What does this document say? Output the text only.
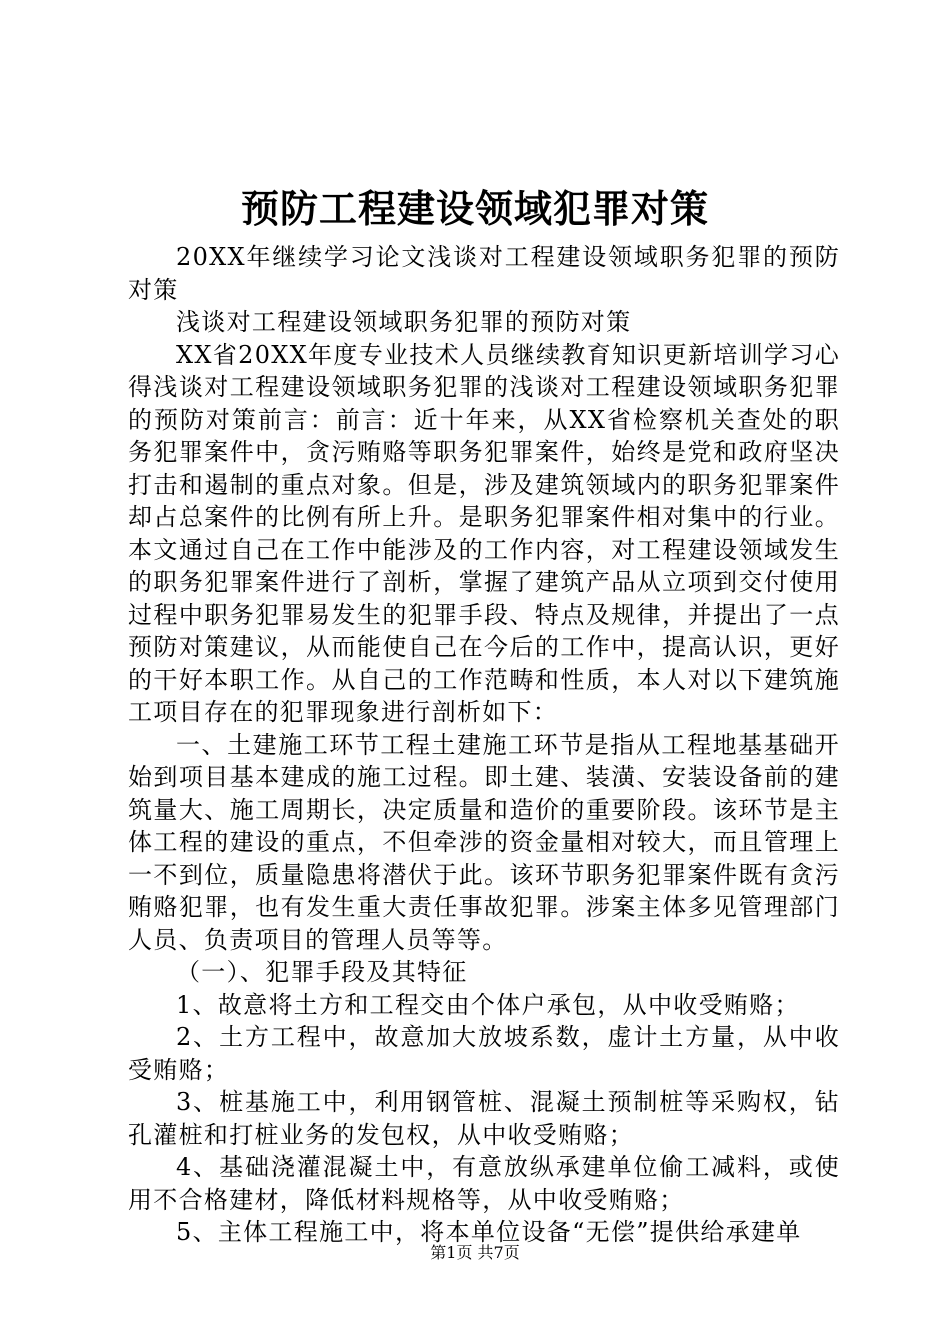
预防工程建设领域犯罪对策

20XX年继续学习论文浅谈对工程建设领域职务犯罪的预防对策

浅谈对工程建设领域职务犯罪的预防对策

XX省20XX年度专业技术人员继续教育知识更新培训学习心得浅谈对工程建设领域职务犯罪的浅谈对工程建设领域职务犯罪的预防对策前言：前言：近十年来，从XX省检察机关查处的职务犯罪案件中，贪污贿赂等职务犯罪案件，始终是党和政府坚决打击和遏制的重点对象。但是，涉及建筑领域内的职务犯罪案件却占总案件的比例有所上升。是职务犯罪案件相对集中的行业。本文通过自己在工作中能涉及的工作内容，对工程建设领域发生的职务犯罪案件进行了剖析，掌握了建筑产品从立项到交付使用过程中职务犯罪易发生的犯罪手段、特点及规律，并提出了一点预防对策建议，从而能使自己在今后的工作中，提高认识，更好的干好本职工作。从自己的工作范畴和性质，本人对以下建筑施工项目存在的犯罪现象进行剖析如下：

一、土建施工环节工程土建施工环节是指从工程地基基础开始到项目基本建成的施工过程。即土建、装潢、安装设备前的建筑量大、施工周期长，决定质量和造价的重要阶段。该环节是主体工程的建设的重点，不但牵涉的资金量相对较大，而且管理上一不到位，质量隐患将潜伏于此。该环节职务犯罪案件既有贪污贿赂犯罪，也有发生重大责任事故犯罪。涉案主体多见管理部门人员、负责项目的管理人员等等。

（一）、犯罪手段及其特征

1、故意将土方和工程交由个体户承包，从中收受贿赂；

2、土方工程中，故意加大放坡系数，虚计土方量，从中收受贿赂；

3、桩基施工中，利用钢管桩、混凝土预制桩等采购权，钻孔灌桩和打桩业务的发包权，从中收受贿赂；

4、基础浇灌混凝土中，有意放纵承建单位偷工减料，或使用不合格建材，降低材料规格等，从中收受贿赂；

5、主体工程施工中，将本单位设备“无偿”提供给承建单

第1页 共7页
